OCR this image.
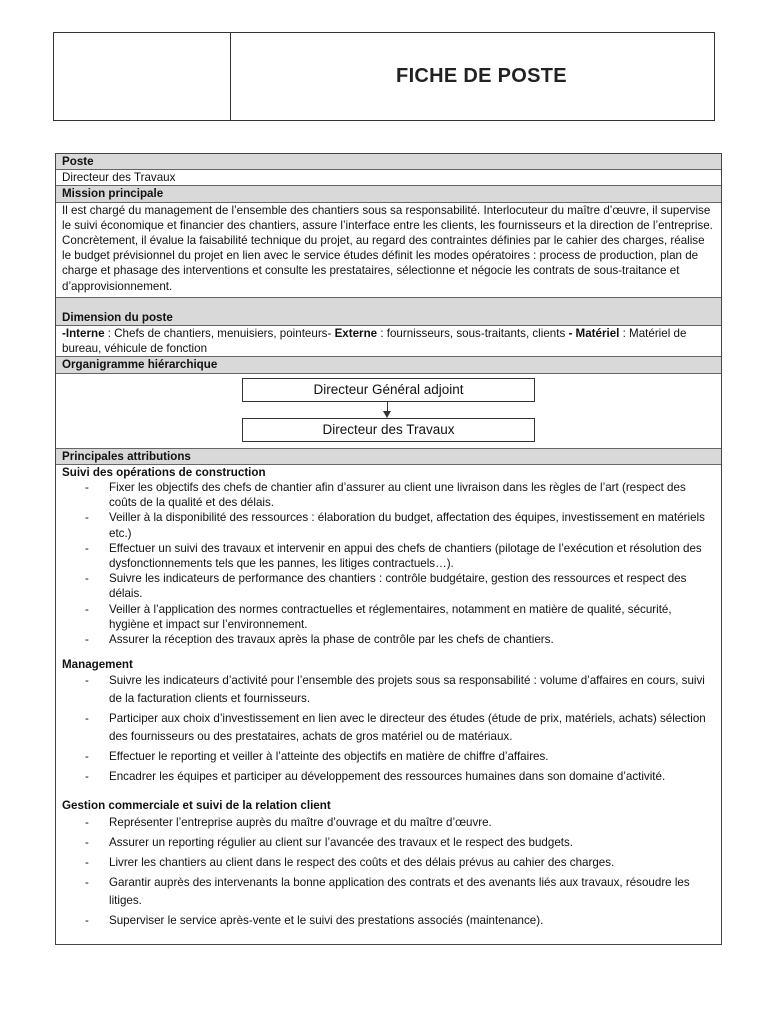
FICHE DE POSTE
Poste
Directeur des Travaux
Mission principale
Il est chargé du management de l’ensemble des chantiers sous sa responsabilité. Interlocuteur du maître d’œuvre, il supervise le suivi économique et financier des chantiers, assure l’interface entre les clients, les fournisseurs et la direction de l’entreprise. Concrètement, il évalue la faisabilité technique du projet, au regard des contraintes définies par le cahier des charges, réalise le budget prévisionnel du projet en lien avec le service études définit les modes opératoires : process de production, plan de charge et phasage des interventions et consulte les prestataires, sélectionne et négocie les contrats de sous-traitance et d’approvisionnement.
Dimension du poste
-Interne : Chefs de chantiers, menuisiers, pointeurs- Externe : fournisseurs, sous-traitants, clients - Matériel : Matériel de bureau, véhicule de fonction
Organigramme hiérarchique
Directeur Général adjoint
Directeur des Travaux
Principales attributions
Suivi des opérations de construction
- Fixer les objectifs des chefs de chantier afin d’assurer au client une livraison dans les règles de l’art (respect des coûts de la qualité et des délais.
- Veiller à la disponibilité des ressources : élaboration du budget, affectation des équipes, investissement en matériels etc.)
- Effectuer un suivi des travaux et intervenir en appui des chefs de chantiers (pilotage de l’exécution et résolution des dysfonctionnements tels que les pannes, les litiges contractuels…).
- Suivre les indicateurs de performance des chantiers : contrôle budgétaire, gestion des ressources et respect des délais.
- Veiller à l’application des normes contractuelles et réglementaires, notamment en matière de qualité, sécurité, hygiène et impact sur l’environnement.
- Assurer la réception des travaux après la phase de contrôle par les chefs de chantiers.
Management
- Suivre les indicateurs d’activité pour l’ensemble des projets sous sa responsabilité : volume d’affaires en cours, suivi de la facturation clients et fournisseurs.
- Participer aux choix d’investissement en lien avec le directeur des études (étude de prix, matériels, achats) sélection des fournisseurs ou des prestataires, achats de gros matériel ou de matériaux.
- Effectuer le reporting et veiller à l’atteinte des objectifs en matière de chiffre d’affaires.
- Encadrer les équipes et participer au développement des ressources humaines dans son domaine d’activité.
Gestion commerciale et suivi de la relation client
- Représenter l’entreprise auprès du maître d’ouvrage et du maître d’œuvre.
- Assurer un reporting régulier au client sur l’avancée des travaux et le respect des budgets.
- Livrer les chantiers au client dans le respect des coûts et des délais prévus au cahier des charges.
- Garantir auprès des intervenants la bonne application des contrats et des avenants liés aux travaux, résoudre les litiges.
- Superviser le service après-vente et le suivi des prestations associés (maintenance).
